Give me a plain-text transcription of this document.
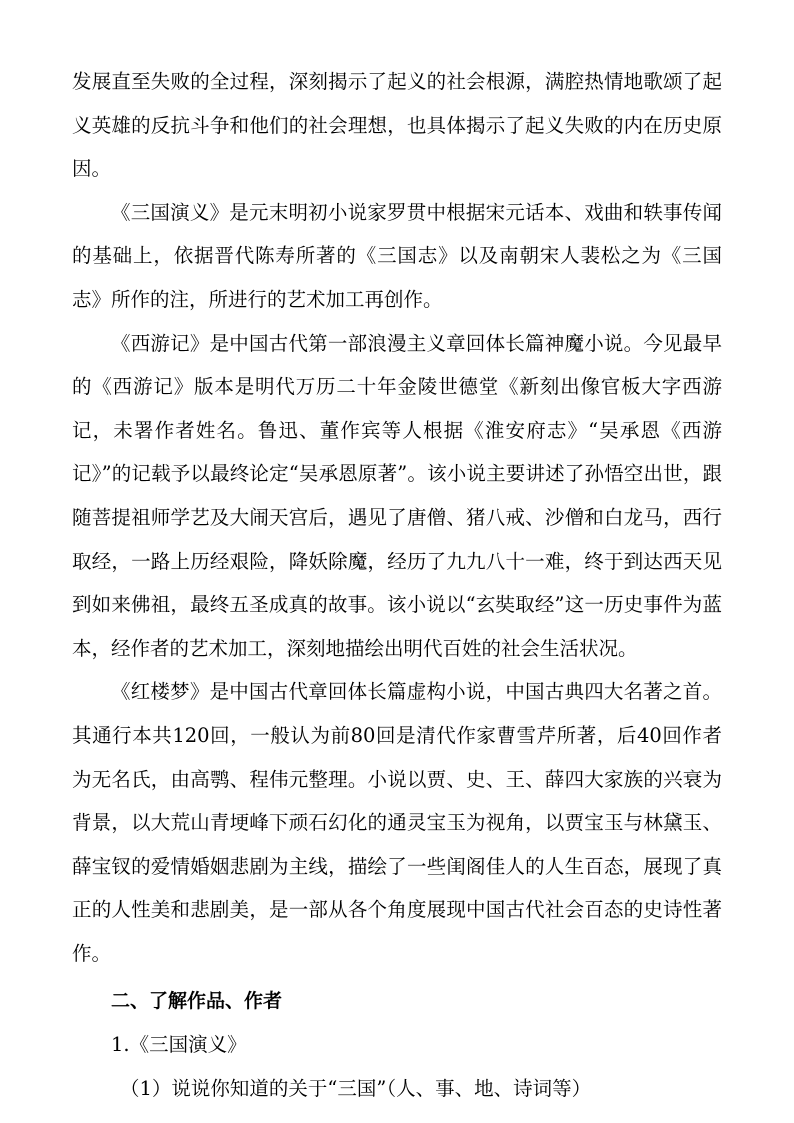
发展直至失败的全过程，深刻揭示了起义的社会根源，满腔热情地歌颂了起义英雄的反抗斗争和他们的社会理想，也具体揭示了起义失败的内在历史原因。

《三国演义》是元末明初小说家罗贯中根据宋元话本、戏曲和轶事传闻的基础上，依据晋代陈寿所著的《三国志》以及南朝宋人裴松之为《三国志》所作的注，所进行的艺术加工再创作。

《西游记》是中国古代第一部浪漫主义章回体长篇神魔小说。今见最早的《西游记》版本是明代万历二十年金陵世德堂《新刻出像官板大字西游记，未署作者姓名。鲁迅、董作宾等人根据《淮安府志》“吴承恩《西游记》”的记载予以最终论定“吴承恩原著”。该小说主要讲述了孙悟空出世，跟随菩提祖师学艺及大闹天宫后，遇见了唐僧、猪八戒、沙僧和白龙马，西行取经，一路上历经艰险，降妖除魔，经历了九九八十一难，终于到达西天见到如来佛祖，最终五圣成真的故事。该小说以“玄奘取经”这一历史事件为蓝本，经作者的艺术加工，深刻地描绘出明代百姓的社会生活状况。

《红楼梦》是中国古代章回体长篇虚构小说，中国古典四大名著之首。其通行本共120回，一般认为前80回是清代作家曹雪芹所著，后40回作者为无名氏，由高鹗、程伟元整理。小说以贾、史、王、薛四大家族的兴衰为背景，以大荒山青埂峰下顽石幻化的通灵宝玉为视角，以贾宝玉与林黛玉、薛宝钗的爱情婚姻悲剧为主线，描绘了一些闺阁佳人的人生百态，展现了真正的人性美和悲剧美，是一部从各个角度展现中国古代社会百态的史诗性著作。

二、了解作品、作者

1.《三国演义》

（1）说说你知道的关于“三国”（人、事、地、诗词等）
